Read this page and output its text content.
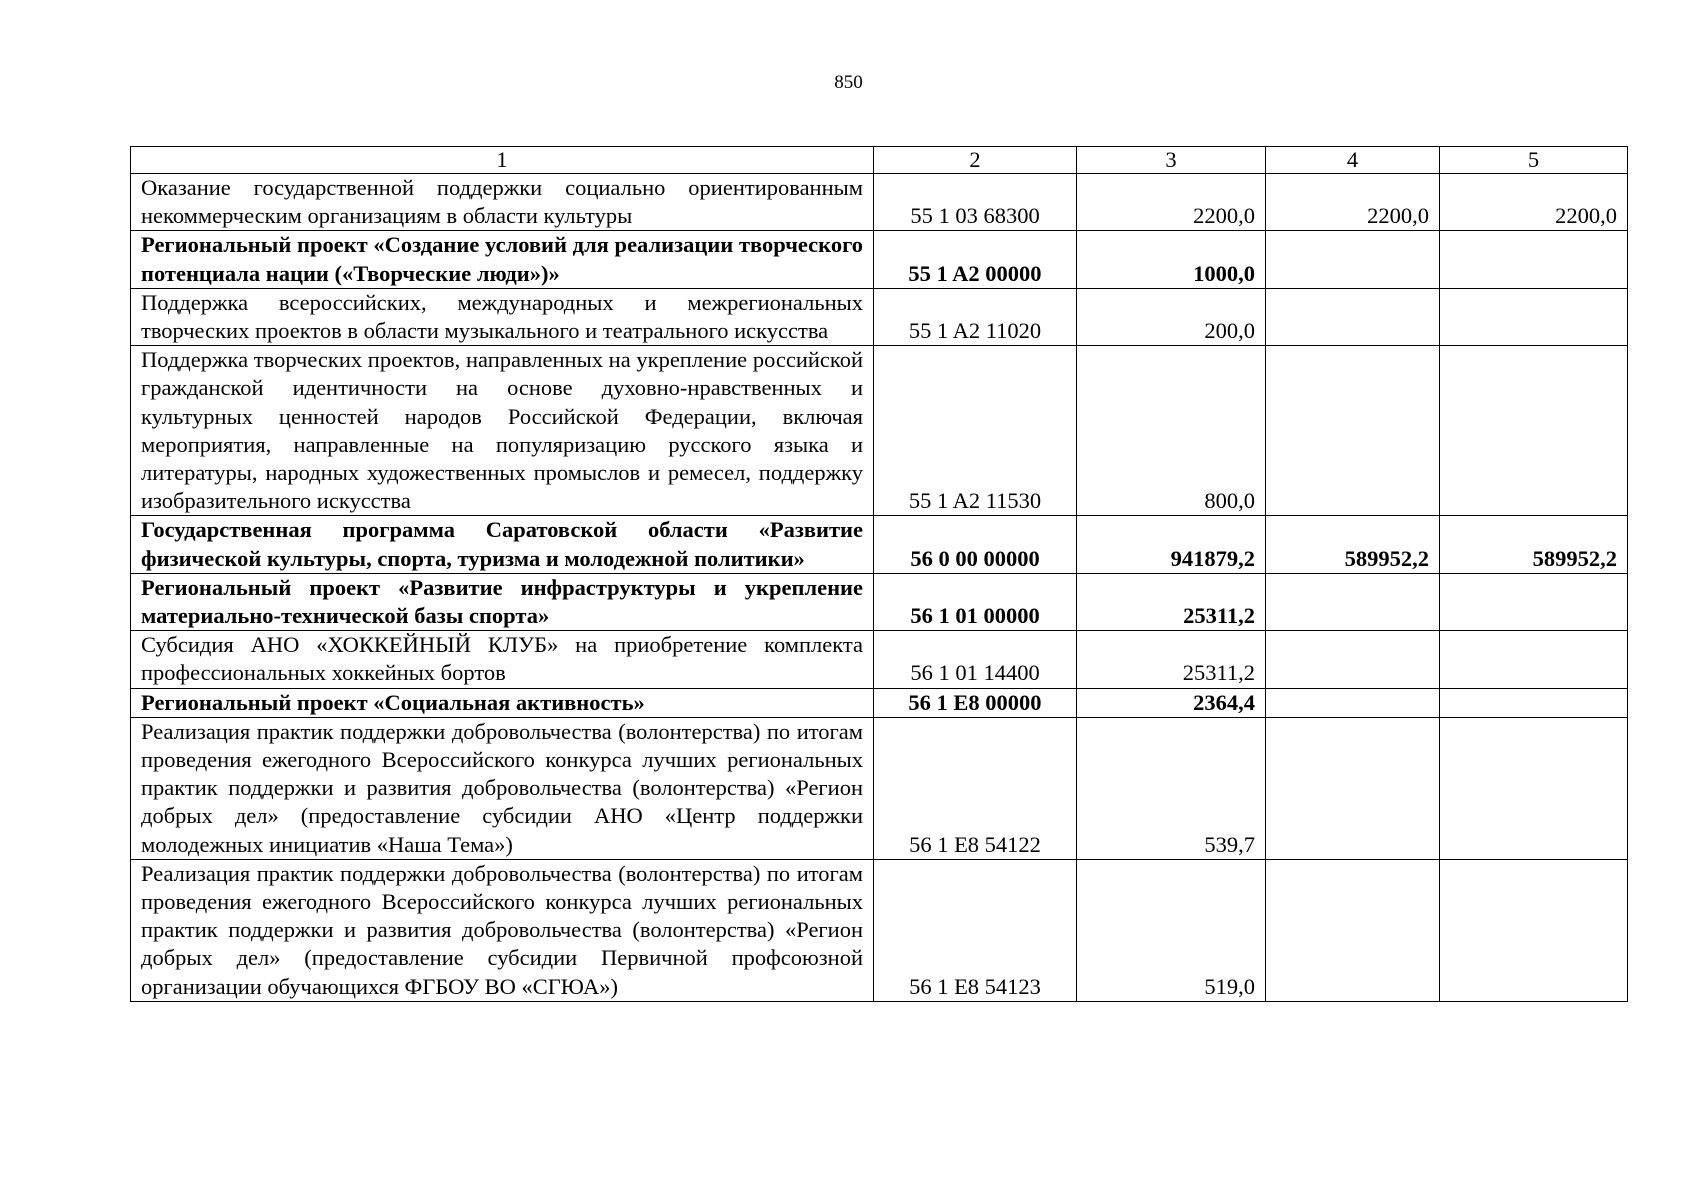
850
1	2	3	4	5
Оказание государственной поддержки социально ориентированным некоммерческим организациям в области культуры	55 1 03 68300	2200,0	2200,0	2200,0
Региональный проект «Создание условий для реализации творческого потенциала нации («Творческие люди»)»	55 1 A2 00000	1000,0		
Поддержка всероссийских, международных и межрегиональных творческих проектов в области музыкального и театрального искусства	55 1 A2 11020	200,0		
Поддержка творческих проектов, направленных на укрепление российской гражданской идентичности на основе духовно-нравственных и культурных ценностей народов Российской Федерации, включая мероприятия, направленные на популяризацию русского языка и литературы, народных художественных промыслов и ремесел, поддержку изобразительного искусства	55 1 A2 11530	800,0		
Государственная программа Саратовской области «Развитие физической культуры, спорта, туризма и молодежной политики»	56 0 00 00000	941879,2	589952,2	589952,2
Региональный проект «Развитие инфраструктуры и укрепление материально-технической базы спорта»	56 1 01 00000	25311,2		
Субсидия АНО «ХОККЕЙНЫЙ КЛУБ» на приобретение комплекта профессиональных хоккейных бортов	56 1 01 14400	25311,2		
Региональный проект «Социальная активность»	56 1 E8 00000	2364,4		
Реализация практик поддержки добровольчества (волонтерства) по итогам проведения ежегодного Всероссийского конкурса лучших региональных практик поддержки и развития добровольчества (волонтерства) «Регион добрых дел» (предоставление субсидии АНО «Центр поддержки молодежных инициатив «Наша Тема»)	56 1 E8 54122	539,7		
Реализация практик поддержки добровольчества (волонтерства) по итогам проведения ежегодного Всероссийского конкурса лучших региональных практик поддержки и развития добровольчества (волонтерства) «Регион добрых дел» (предоставление субсидии Первичной профсоюзной организации обучающихся ФГБОУ ВО «СГЮА»)	56 1 E8 54123	519,0		
